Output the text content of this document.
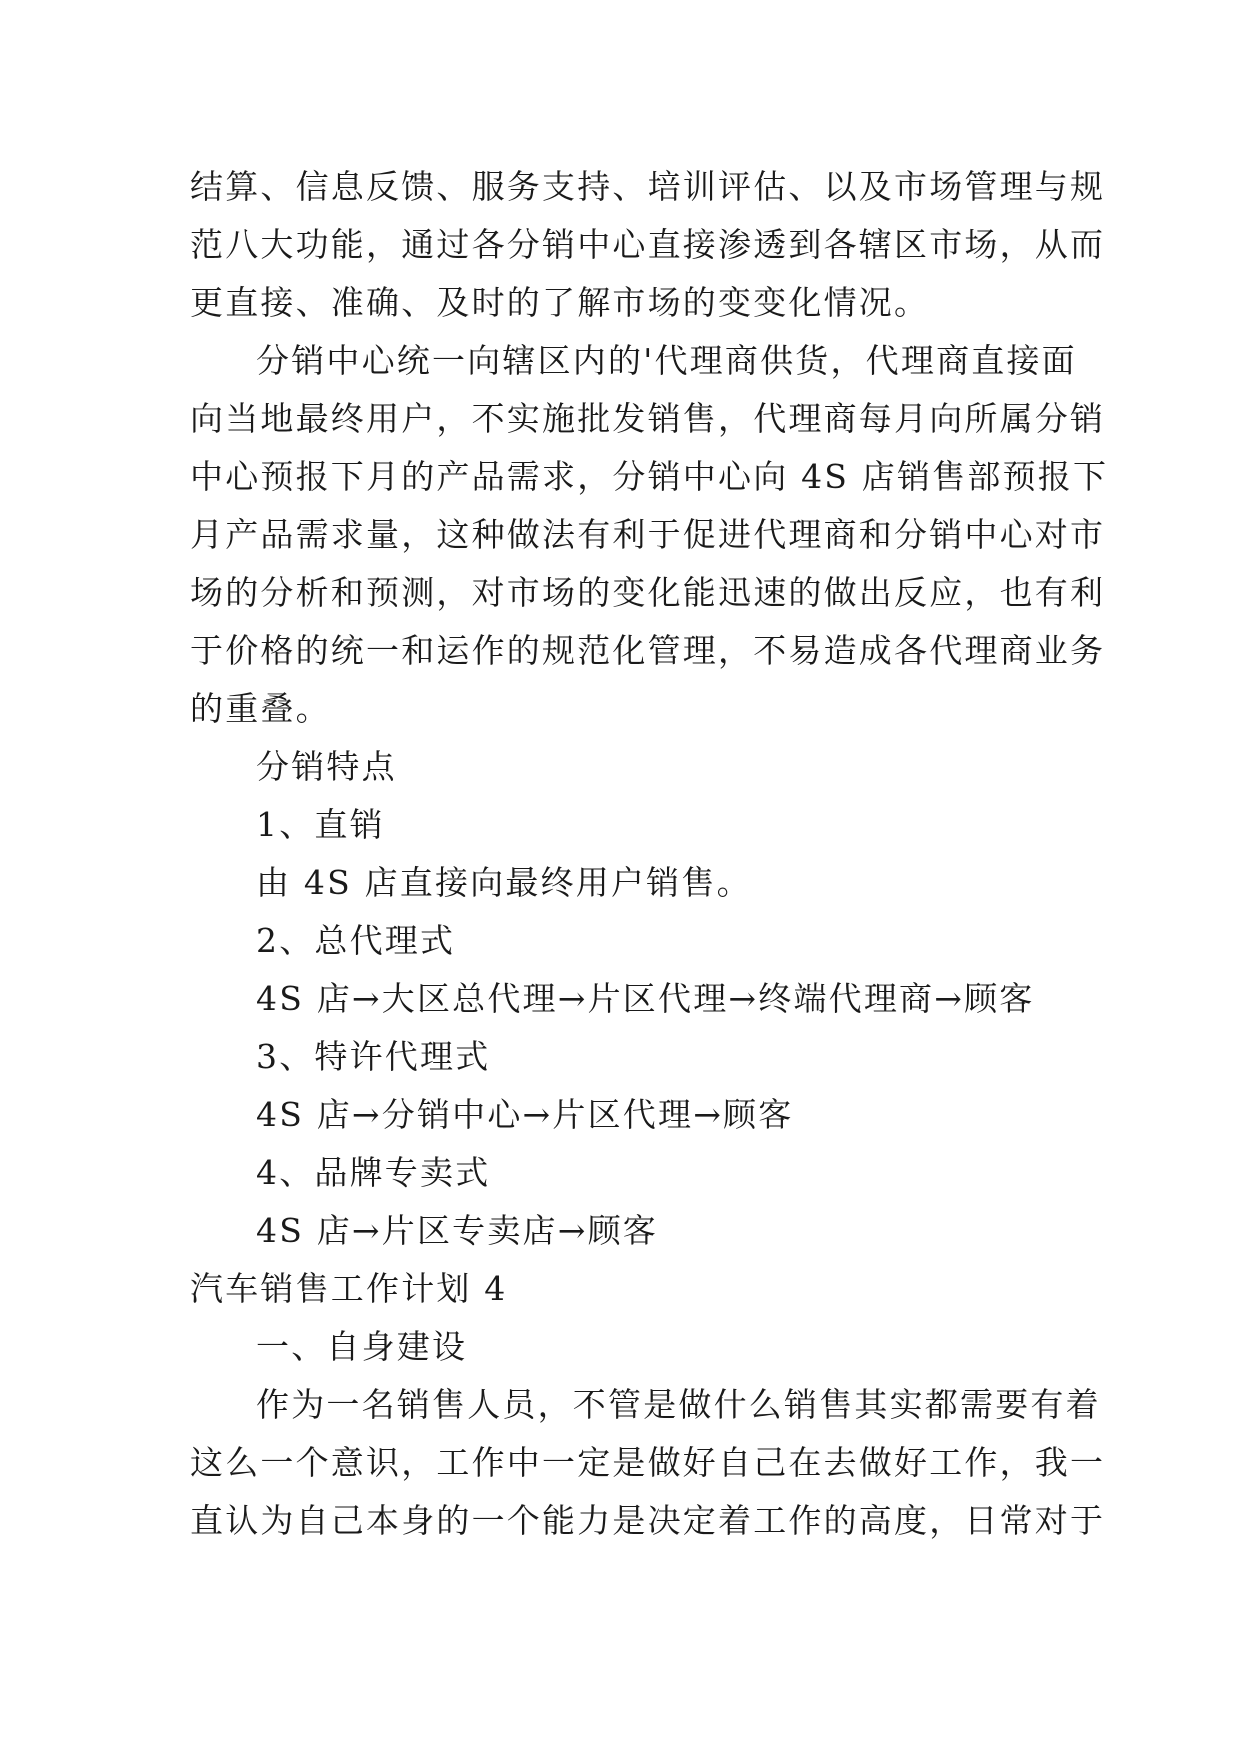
结算、信息反馈、服务支持、培训评估、以及市场管理与规
范八大功能，通过各分销中心直接渗透到各辖区市场，从而
更直接、准确、及时的了解市场的变变化情况。
分销中心统一向辖区内的'代理商供货，代理商直接面
向当地最终用户，不实施批发销售，代理商每月向所属分销
中心预报下月的产品需求，分销中心向 4S 店销售部预报下
月产品需求量，这种做法有利于促进代理商和分销中心对市
场的分析和预测，对市场的变化能迅速的做出反应，也有利
于价格的统一和运作的规范化管理，不易造成各代理商业务
的重叠。
分销特点
1、直销
由 4S 店直接向最终用户销售。
2、总代理式
4S 店→大区总代理→片区代理→终端代理商→顾客
3、特许代理式
4S 店→分销中心→片区代理→顾客
4、品牌专卖式
4S 店→片区专卖店→顾客
汽车销售工作计划 4
一、自身建设
作为一名销售人员，不管是做什么销售其实都需要有着
这么一个意识，工作中一定是做好自己在去做好工作，我一
直认为自己本身的一个能力是决定着工作的高度，日常对于
